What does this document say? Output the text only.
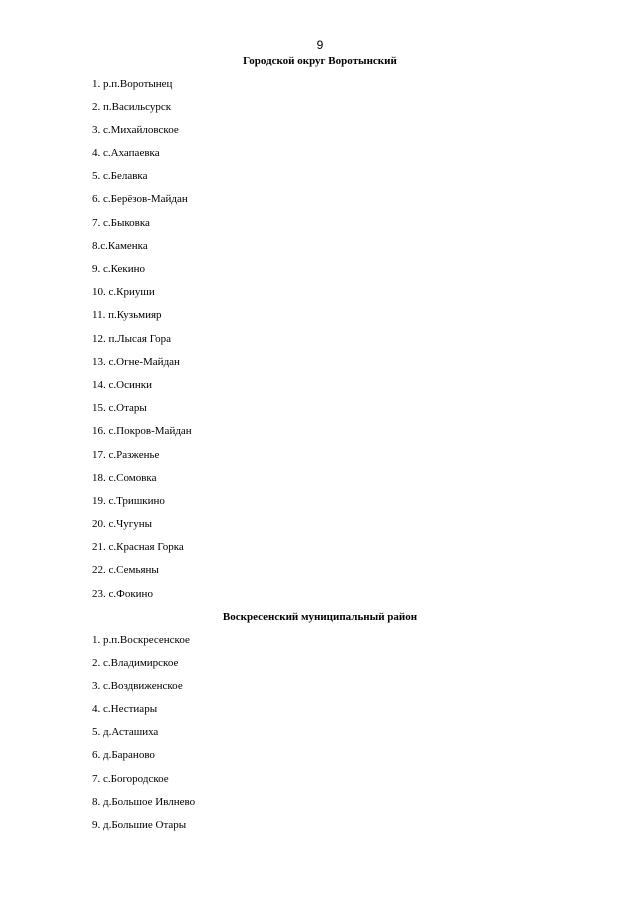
9
Городской округ Воротынский
1. р.п.Воротынец
2. п.Васильсурск
3. с.Михайловское
4. с.Ахапаевка
5. с.Белавка
6. с.Берёзов-Майдан
7. с.Быковка
8.с.Каменка
9. с.Кекино
10. с.Криуши
11. п.Кузьмияр
12. п.Лысая Гора
13. с.Огне-Майдан
14. с.Осинки
15. с.Отары
16. с.Покров-Майдан
17. с.Разженье
18. с.Сомовка
19. с.Тришкино
20. с.Чугуны
21. с.Красная Горка
22. с.Семьяны
23. с.Фокино
Воскресенский муниципальный район
1. р.п.Воскресенское
2. с.Владимирское
3. с.Воздвиженское
4. с.Нестиары
5. д.Асташиха
6. д.Бараново
7. с.Богородское
8. д.Большое Ивлнево
9. д.Большие Отары
